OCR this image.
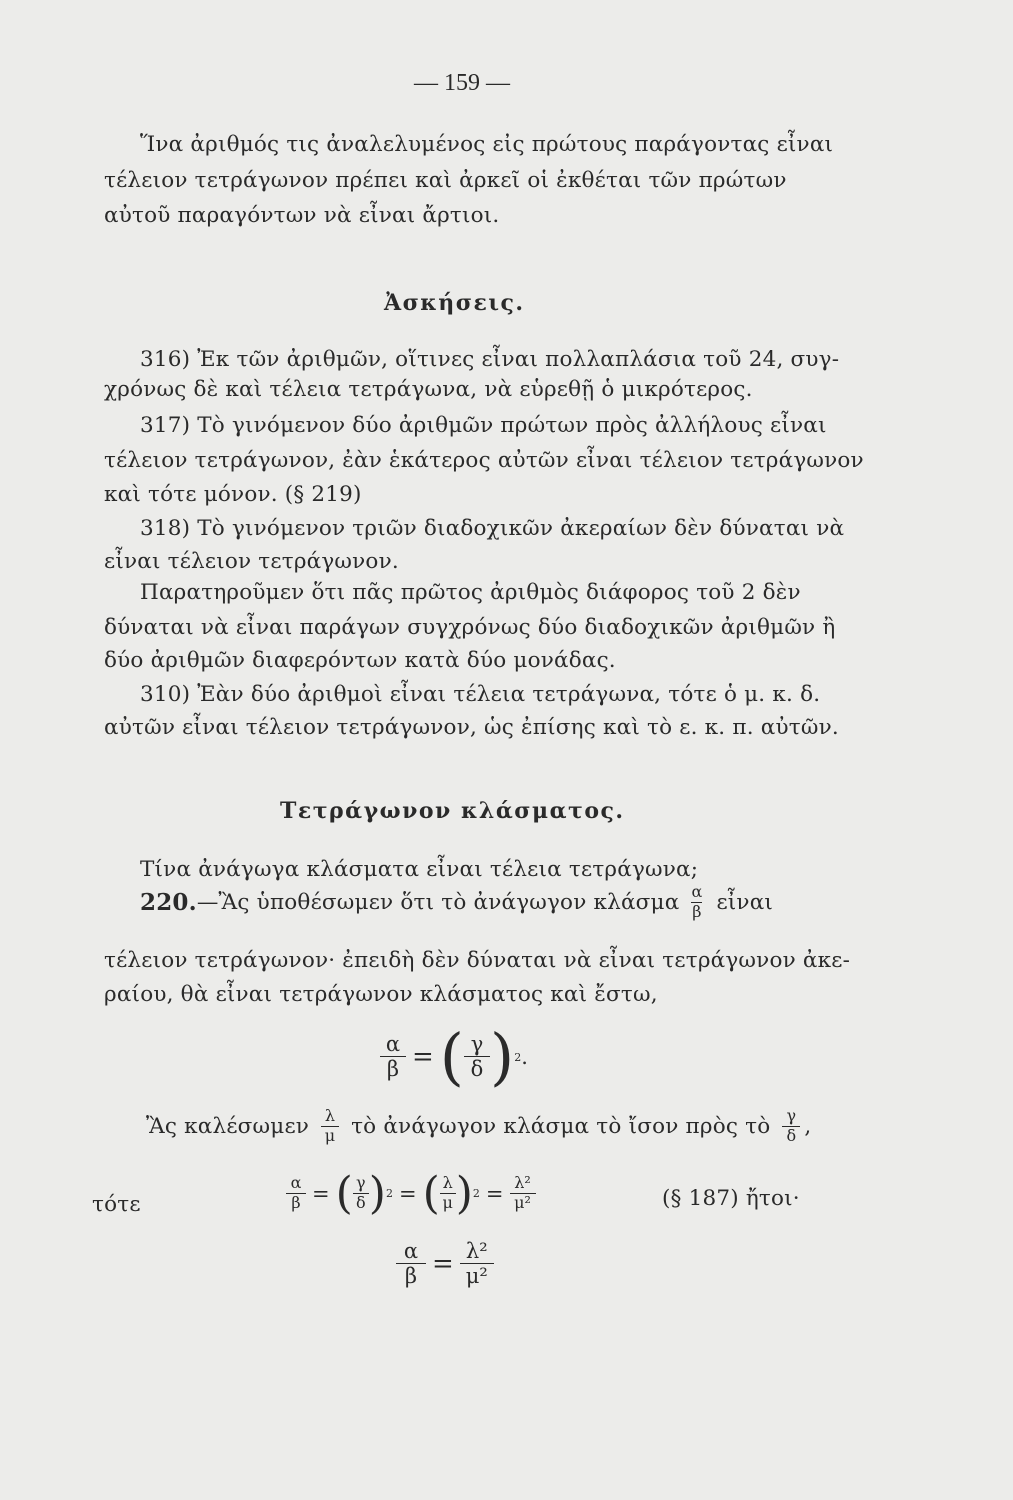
— 159 —
Ἵνα ἀριθμός τις ἀναλελυμένος εἰς πρώτους παράγοντας εἶναι
τέλειον τετράγωνον πρέπει καὶ ἀρκεῖ οἱ ἐκθέται τῶν πρώτων
αὐτοῦ παραγόντων νὰ εἶναι ἄρτιοι.
Ἀσκήσεις.
316) Ἐκ τῶν ἀριθμῶν, οἵτινες εἶναι πολλαπλάσια τοῦ 24, συγ-
χρόνως δὲ καὶ τέλεια τετράγωνα, νὰ εὑρεθῇ ὁ μικρότερος.
317) Τὸ γινόμενον δύο ἀριθμῶν πρώτων πρὸς ἀλλήλους εἶναι
τέλειον τετράγωνον, ἐὰν ἑκάτερος αὐτῶν εἶναι τέλειον τετράγωνον
καὶ τότε μόνον. (§ 219)
318) Τὸ γινόμενον τριῶν διαδοχικῶν ἀκεραίων δὲν δύναται νὰ
εἶναι τέλειον τετράγωνον.
Παρατηροῦμεν ὅτι πᾶς πρῶτος ἀριθμὸς διάφορος τοῦ 2 δὲν
δύναται νὰ εἶναι παράγων συγχρόνως δύο διαδοχικῶν ἀριθμῶν ἢ
δύο ἀριθμῶν διαφερόντων κατὰ δύο μονάδας.
310) Ἐὰν δύο ἀριθμοὶ εἶναι τέλεια τετράγωνα, τότε ὁ μ. κ. δ.
αὐτῶν εἶναι τέλειον τετράγωνον, ὡς ἐπίσης καὶ τὸ ε. κ. π. αὐτῶν.
Τετράγωνον κλάσματος.
Τίνα ἀνάγωγα κλάσματα εἶναι τέλεια τετράγωνα;
220. —Ἂς ὑποθέσωμεν ὅτι τὸ ἀνάγωγον κλάσμα $\frac{\alpha}{\beta}$ εἶναι
τέλειον τετράγωνον· ἐπειδὴ δὲν δύναται νὰ εἶναι τετράγωνον ἀκε-
ραίου, θὰ εἶναι τετράγωνον κλάσματος καὶ ἔστω,
$\frac{\alpha}{\beta}$ = ( $\frac{\gamma}{\delta}$ ) 2 .
Ἂς καλέσωμεν $\frac{\lambda}{\mu}$ τὸ ἀνάγωγον κλάσμα τὸ ἴσον πρὸς τὸ $\frac{\gamma}{\delta}$ ,
τότε	$\frac{\alpha}{\beta}$ = ( $\frac{\gamma}{\delta}$ ) 2 = ( $\frac{\lambda}{\mu}$ ) $2 = \frac{\text{λ²}}{\text{μ²}}$	(§ 187) ἤτοι·
$\frac{\alpha}{\beta} = \frac{\text{λ²}}{\text{μ²}}$
